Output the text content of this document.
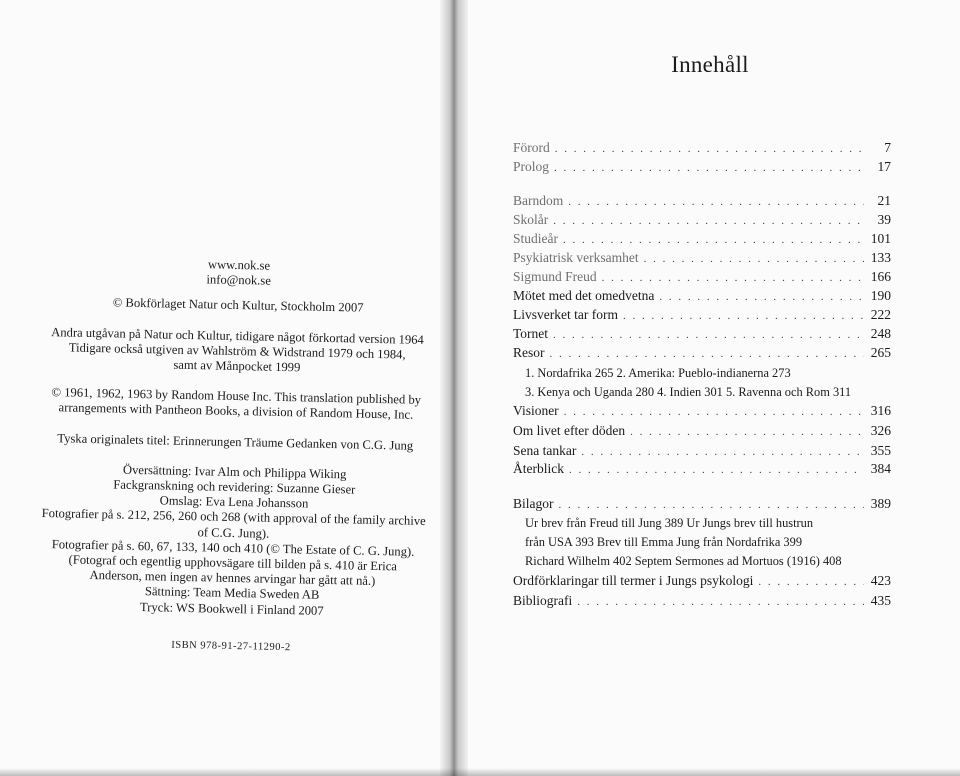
www.nok.se
info@nok.se
© Bokförlaget Natur och Kultur, Stockholm 2007
Andra utgåvan på Natur och Kultur, tidigare något förkortad version 1964
Tidigare också utgiven av Wahlström & Widstrand 1979 och 1984,
samt av Månpocket 1999
© 1961, 1962, 1963 by Random House Inc. This translation published by
arrangements with Pantheon Books, a division of Random House, Inc.
Tyska originalets titel: Erinnerungen Träume Gedanken von C.G. Jung
Översättning: Ivar Alm och Philippa Wiking
Fackgranskning och revidering: Suzanne Gieser
Omslag: Eva Lena Johansson
Fotografier på s. 212, 256, 260 och 268 (with approval of the family archive
of C.G. Jung).
Fotografier på s. 60, 67, 133, 140 och 410 (© The Estate of C. G. Jung).
(Fotograf och egentlig upphovsägare till bilden på s. 410 är Erica
Anderson, men ingen av hennes arvingar har gått att nå.)
Sättning: Team Media Sweden AB
Tryck: WS Bookwell i Finland 2007
ISBN 978-91-27-11290-2
Innehåll
Förord . . .	7
Prolog . . .	17
Barndom . . .	21
Skolår . . .	39
Studieår . . .	101
Psykiatrisk verksamhet . . .	133
Sigmund Freud . . .	166
Mötet med det omedvetna . . .	190
Livsverket tar form . . .	222
Tornet . . .	248
Resor . . .	265
1. Nordafrika 265 2. Amerika: Pueblo-indianerna 273
3. Kenya och Uganda 280 4. Indien 301 5. Ravenna och Rom 311
Visioner . . .	316
Om livet efter döden . . .	326
Sena tankar . . .	355
Återblick . . .	384
Bilagor . . .	389
Ur brev från Freud till Jung 389 Ur Jungs brev till hustrun
från USA 393 Brev till Emma Jung från Nordafrika 399
Richard Wilhelm 402 Septem Sermones ad Mortuos (1916) 408
Ordförklaringar till termer i Jungs psykologi . . .	423
Bibliografi . . .	435
